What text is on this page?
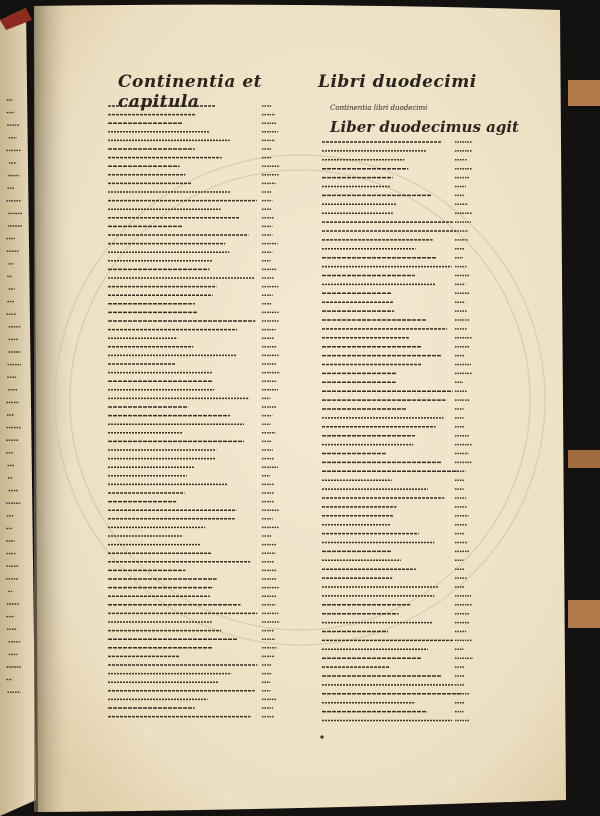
Continentia et capitula
Libri duodecimi
Continentia libri duodecimi
Liber duodecimus agit
